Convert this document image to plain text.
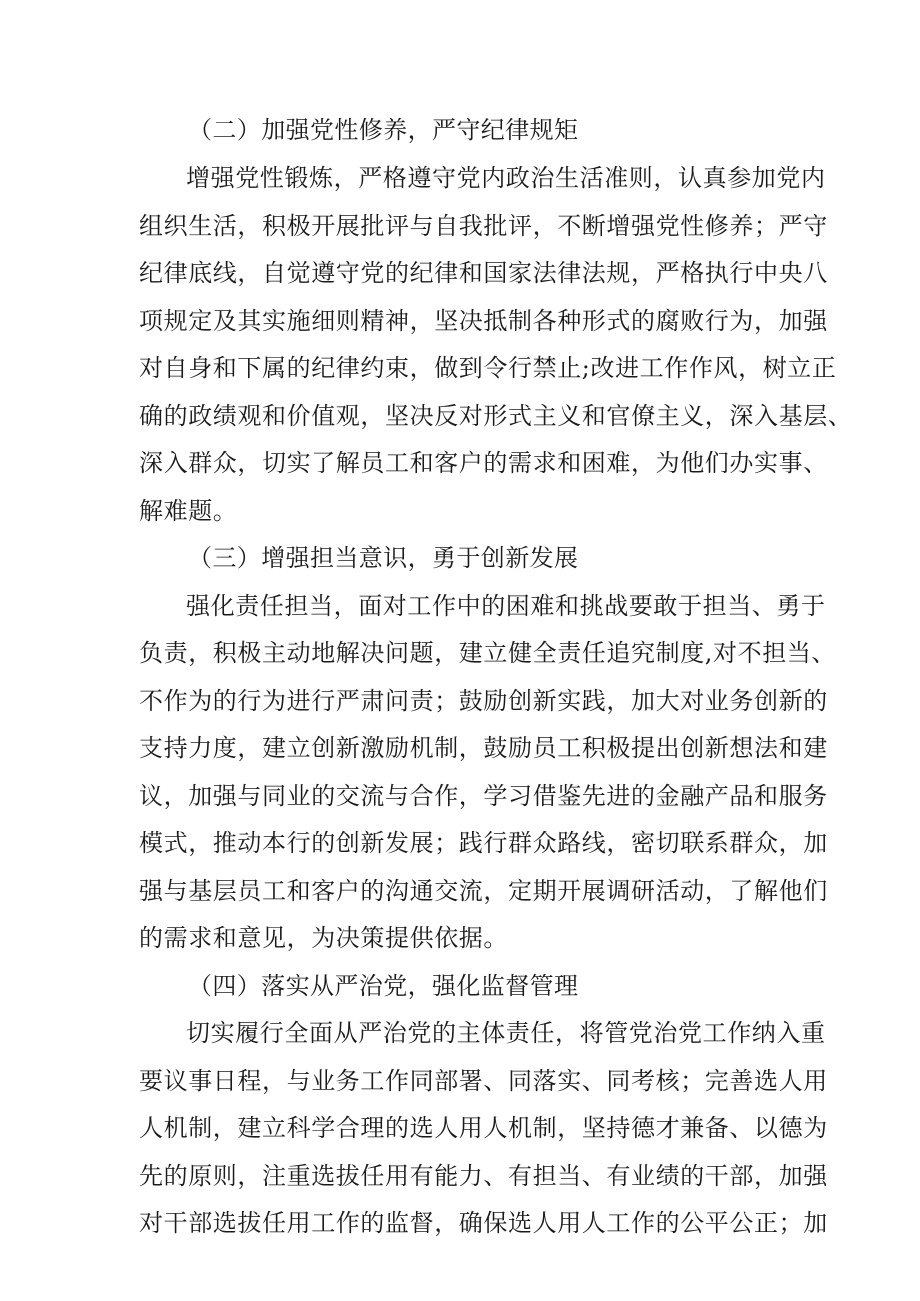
（二）加强党性修养，严守纪律规矩
增强党性锻炼，严格遵守党内政治生活准则，认真参加党内
组织生活，积极开展批评与自我批评，不断增强党性修养；严守
纪律底线，自觉遵守党的纪律和国家法律法规，严格执行中央八
项规定及其实施细则精神，坚决抵制各种形式的腐败行为，加强
对自身和下属的纪律约束，做到令行禁止;改进工作作风，树立正
确的政绩观和价值观，坚决反对形式主义和官僚主义，深入基层、
深入群众，切实了解员工和客户的需求和困难，为他们办实事、
解难题。
（三）增强担当意识，勇于创新发展
强化责任担当，面对工作中的困难和挑战要敢于担当、勇于
负责，积极主动地解决问题，建立健全责任追究制度,对不担当、
不作为的行为进行严肃问责；鼓励创新实践，加大对业务创新的
支持力度，建立创新激励机制，鼓励员工积极提出创新想法和建
议，加强与同业的交流与合作，学习借鉴先进的金融产品和服务
模式，推动本行的创新发展；践行群众路线，密切联系群众，加
强与基层员工和客户的沟通交流，定期开展调研活动，了解他们
的需求和意见，为决策提供依据。
（四）落实从严治党，强化监督管理
切实履行全面从严治党的主体责任，将管党治党工作纳入重
要议事日程，与业务工作同部署、同落实、同考核；完善选人用
人机制，建立科学合理的选人用人机制，坚持德才兼备、以德为
先的原则，注重选拔任用有能力、有担当、有业绩的干部，加强
对干部选拔任用工作的监督，确保选人用人工作的公平公正；加
